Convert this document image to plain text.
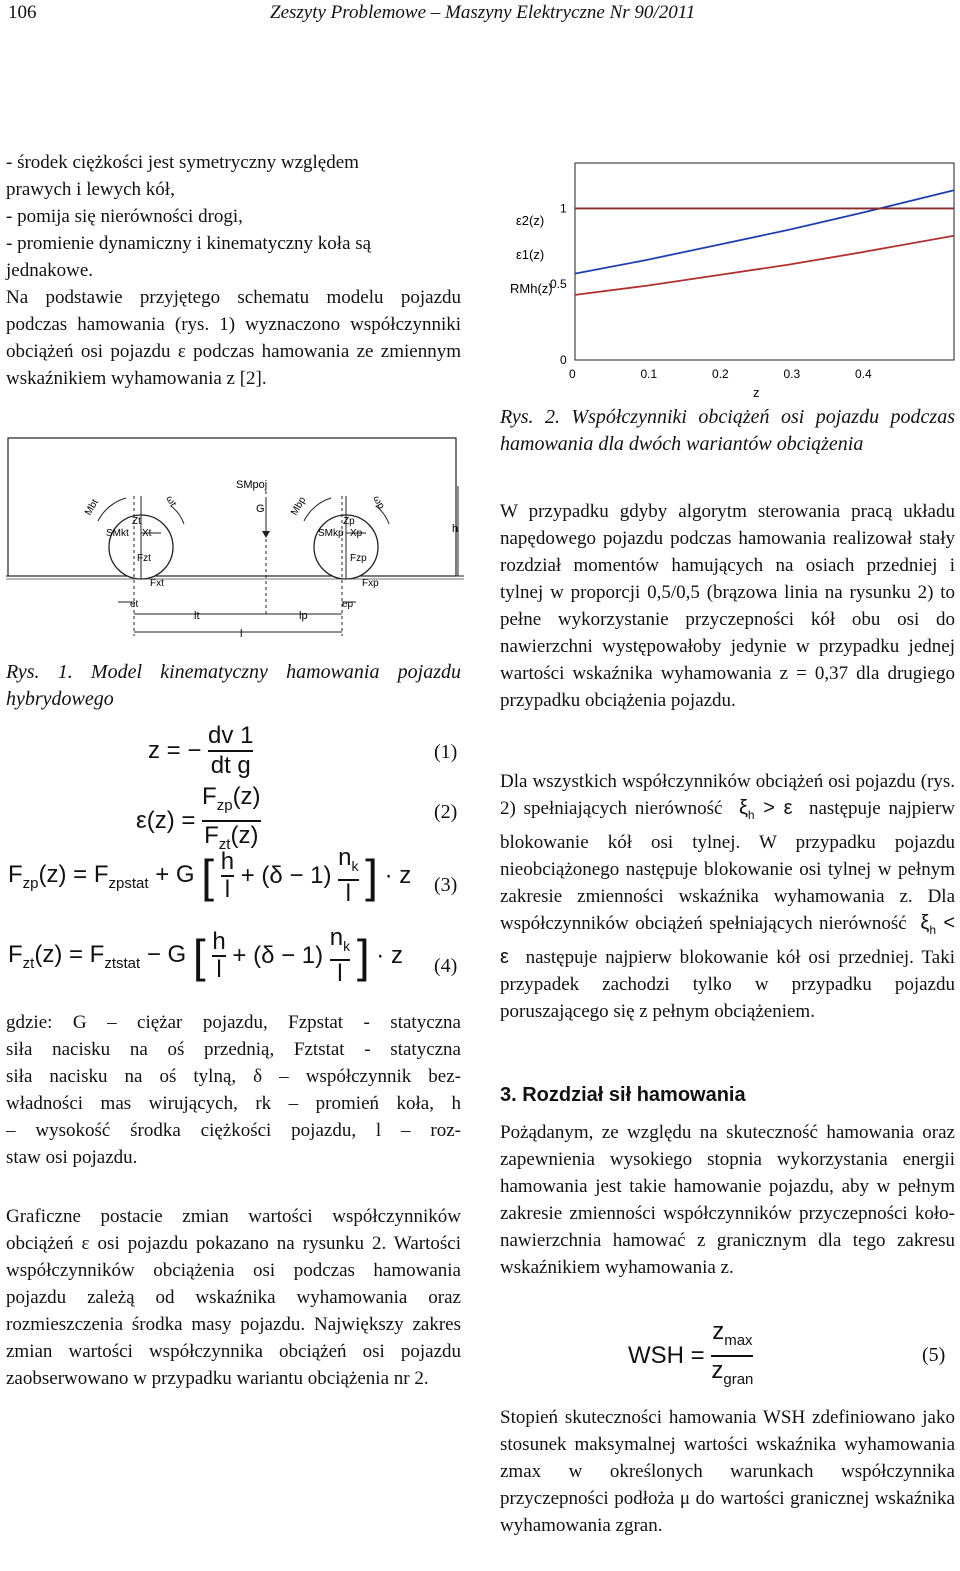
106	Zeszyty Problemowe – Maszyny Elektryczne Nr 90/2011
- środek ciężkości jest symetryczny względem
prawych i lewych kół,
- pomija się nierówności drogi,
- promienie dynamiczny i kinematyczny koła są
jednakowe.

Na podstawie przyjętego schematu modelu pojazdu podczas hamowania (rys. 1) wyznaczono współczynniki obciążeń osi pojazdu ε podczas hamowania ze zmiennym wskaźnikiem wyhamowania z [2].

SMpoj
G
h
Mbt	Mbp
ωt	ωp
Zt	Zp
SMkt	SMkp
Xt	Xp
Fzt	Fzp
Fxt	Fxp
et	ep
lt	lp
l
Rys. 1. Model kinematyczny hamowania pojazdu hybrydowego
z = − $\frac{dv 1}{\text{dt g}}$	(1)
ε(z) =
$F_{zp}(z)$
$F_{zt}(z)$
(2)
$F_{zp}(z) = F_{zpstat} + G$ [ $\frac{h}{l} + (\delta - 1) \frac{n_k}{l}$ ] · z (3)
$F_{zt}(z) = F_{ztstat} - G$ [ $\frac{h}{l} + (\delta - 1) \frac{n_k}{l}$ ] · z (4)
gdzie: G – ciężar pojazdu, Fzpstat - statyczna
siła nacisku na oś przednią, Fztstat - statyczna
siła nacisku na oś tylną, δ – współczynnik bez-
władności mas wirujących, rk – promień koła, h
– wysokość środka ciężkości pojazdu, l – roz-
staw osi pojazdu.

Graficzne postacie zmian wartości współczynników obciążeń ε osi pojazdu pokazano na rysunku 2. Wartości współczynników obciążenia osi podczas hamowania pojazdu zależą od wskaźnika wyhamowania oraz rozmieszczenia środka masy pojazdu. Największy zakres zmian wartości współczynnika obciążeń osi pojazdu zaobserwowano w przypadku wariantu obciążenia nr 2.

0	0.1	0.2	0.3	0.4
0
0.5
1
ε2(z)
ε1(z)
RMh(z)
z
Rys. 2. Współczynniki obciążeń osi pojazdu podczas hamowania dla dwóch wariantów obciążenia

W przypadku gdyby algorytm sterowania pracą układu napędowego pojazdu podczas hamowania realizował stały rozdział momentów hamujących na osiach przedniej i tylnej w proporcji 0,5/0,5 (brązowa linia na rysunku 2) to pełne wykorzystanie przyczepności kół obu osi do nawierzchni występowałoby jedynie w przypadku jednej wartości wskaźnika wyhamowania z = 0,37 dla drugiego przypadku obciążenia pojazdu.

Dla wszystkich współczynników obciążeń osi pojazdu (rys. 2) spełniających nierówność  $\xi_h > \varepsilon$  następuje najpierw blokowanie kół osi tylnej. W przypadku pojazdu nieobciążonego następuje blokowanie osi tylnej w pełnym zakresie zmienności wskaźnika wyhamowania z. Dla współczynników obciążeń spełniających nierówność  $\xi_h < \varepsilon$  następuje najpierw blokowanie kół osi przedniej. Taki przypadek zachodzi tylko w przypadku pojazdu poruszającego się z pełnym obciążeniem.
3. Rozdział sił hamowania

Pożądanym, ze względu na skuteczność hamowania oraz zapewnienia wysokiego stopnia wykorzystania energii hamowania jest takie hamowanie pojazdu, aby w pełnym zakresie zmienności współczynników przyczepności koło-nawierzchnia hamować z granicznym dla tego zakresu wskaźnikiem wyhamowania z.

WSH =
$z_{max}$
$z_{gran}$
(5)

Stopień skuteczności hamowania WSH zdefiniowano jako stosunek maksymalnej wartości wskaźnika wyhamowania zmax w określonych warunkach współczynnika przyczepności podłoża μ do wartości granicznej wskaźnika wyhamowania zgran.
